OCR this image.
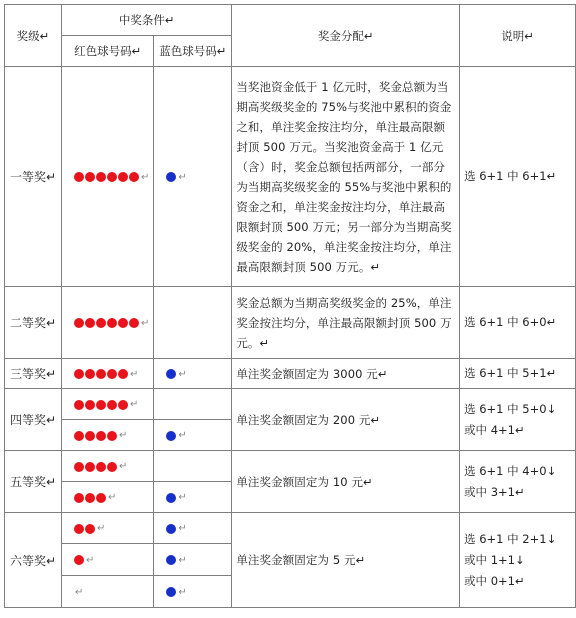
奖级↵	中奖条件↵		奖金分配↵	说明↵
	红色球号码↵	蓝色球号码↵		
一等奖↵	↵	↵	当奖池资金低于 1 亿元时，奖金总额为当期高奖级奖金的 75%与奖池中累积的资金之和，单注奖金按注均分，单注最高限额封顶 500 万元。当奖池资金高于 1 亿元（含）时，奖金总额包括两部分，一部分为当期高奖级奖金的 55%与奖池中累积的资金之和，单注奖金按注均分，单注最高限额封顶 500 万元；另一部分为当期高奖级奖金的 20%，单注奖金按注均分，单注最高限额封顶 500 万元。↵	选 6+1 中 6+1↵

二等奖↵	↵		奖金总额为当期高奖级奖金的 25%，单注奖金按注均分，单注最高限额封顶 500 万元。↵	选 6+1 中 6+0↵

三等奖↵	↵	↵	单注奖金额固定为 3000 元↵	选 6+1 中 5+1↵

四等奖↵	↵		单注奖金额固定为 200 元↵	选 6+1 中 5+0↓
或中 4+1↵

	↵	↵		
五等奖↵	↵		单注奖金额固定为 10 元↵	选 6+1 中 4+0↓
或中 3+1↵

	↵	↵		
六等奖↵	↵	↵	单注奖金额固定为 5 元↵	选 6+1 中 2+1↓
或中 1+1↓
或中 0+1↵

	↵	↵		
	↵	↵		
